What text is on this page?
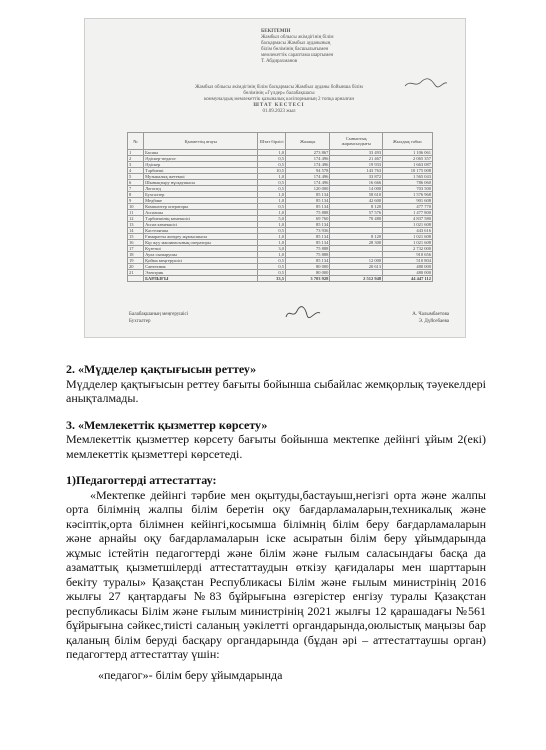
БЕКІТЕМІН
Жамбыл облысы әкімдігінің білім
басқармасы Жамбыл ауданының
білім бөлімінің басшылығымен
мемлекеттік сараптама шартымен
Т. Абдирахманов
Жамбыл облысы әкімдігінің білім басқармасы Жамбыл ауданы бойынша білім
бөлімінің «Гүлдер» балабақшасы
коммуналдық мемлекеттік қазыналық кәсіпорнының 2 топқа арналған
ШТАТ КЕСТЕСІ
01.09.2023 жыл
№	Қызметтің атауы	Штат бірлігі	Жалақы	Сыныптық жарамсыздығы	Жылдық табыс
1	Басшы	1,0	273 867	33 493	1 106 061
2	Әдіскер-педагог	0,5	174 496	21 467	2 065 357
3	Әдіскер	0,5	174 496	19 933	1 663 087
4	Тәрбиеші	10,5	94 578	143 763	10 175 008
5	Музыкалық жетекші	1,0	174 496	33 872	1 565 043
6	Шынықтыру нұсқаушысы	0,5	174 496	16 666	786 060
7	Логопед	0,5	120 000	14 000	703 500
8	Бухгалтер	1,0	85 134	58 610	1 576 968
9	Медбике	1,0	85 134	42 600	901 608
10	Компьютер операторы	0,5	85 134	8 120	477 770
11	Аспазшы	1,0	75 888	57 576	1 477 800
12	Тәрбиешінің көмекшісі	5,0	69 760	70 480	4 837 580
13	Аспаз көмекшісі	1,0	85 134		1 021 608
14	Кастелянша	0,5	73 936		443 616
15	Ғимаратты жөндеу жұмысшысы	1,0	85 134	8 120	1 021 608
16	Кір жуу машинасының операторы	1,0	85 134	28 300	1 021 608
17	Күзетші	3,0	75 888		2 732 000
18	Аула сыпырушы	1,0	75 888		910 656
19	Қойма меңгерушісі	0,5	85 134	12 000	510 804
20	Сантехник	0,5	80 000	20 613	480 000
21	Электрик	0,5	80 000		480 000
	БАРЛЫҒЫ	33,5	3 703 928	2 512 948	44 447 112
Балабақшаның меңгерушісі	А. Чалымбаетова
Бухгалтер	Э. Дүйсебаева

2. «Мүдделер қақтығысын реттеу»

Мүдделер қақтығысын реттеу бағыты бойынша сыбайлас жемқорлық тәуекелдері анықталмады.

3. «Мемлекеттік қызметтер көрсету»

Мемлекеттік қызметтер көрсету бағыты бойынша мектепке дейінгі ұйым 2(екі) мемлекеттік қызметтері көрсетеді.

1)Педагогтерді аттестаттау:

«Мектепке дейінгі тәрбие мен оқытуды,бастауыш,негізгі орта және жалпы орта білімнің жалпы білім беретін оқу бағдарламаларын,техникалық және кәсіптік,орта білімнен кейінгі,косымша білімнің білім беру бағдарламаларын және арнайы оқу бағдарламаларын іске асыратын білім беру ұйымдарында жұмыс істейтін педагогтерді және білім және ғылым саласындағы басқа да азаматтық қызметшілерді аттестаттаудын өткізу қағидалары мен шарттарын бекіту туралы» Қазақстан Республикасы Білім және ғылым министрінің 2016 жылғы 27 қаңтардағы №83 бұйрығына өзгерістер енгізу туралы Қазақстан республикасы Білім және ғылым министрінің 2021 жылғы 12 қарашадағы №561 бұйрығына сәйкес,тиісті саланың уәкілетті органдарында,оюлыстық маңызы бар қаланың білім беруді басқару органдарында (бұдан әрі – аттестаттаушы орган) педагогтерд аттестаттау үшін:

«педагог»- білім беру ұйымдарында
